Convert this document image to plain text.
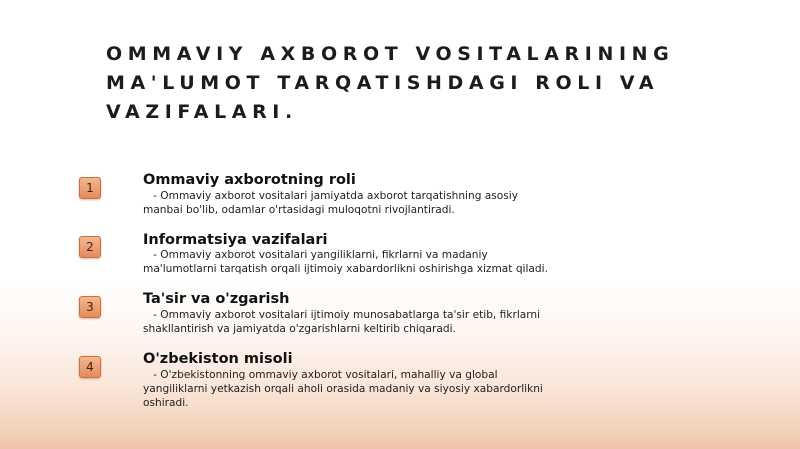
OMMAVIY AXBOROT VOSITALARINING MA'LUMOT TARQATISHDAGI ROLI VA VAZIFALARI.
1	Ommaviy axborotning roli
- Ommaviy axborot vositalari jamiyatda axborot tarqatishning asosiy manbai bo'lib, odamlar o'rtasidagi muloqotni rivojlantiradi.
2	Informatsiya vazifalari
- Ommaviy axborot vositalari yangiliklarni, fikrlarni va madaniy ma'lumotlarni tarqatish orqali ijtimoiy xabardorlikni oshirishga xizmat qiladi.
3	Ta'sir va o'zgarish
- Ommaviy axborot vositalari ijtimoiy munosabatlarga ta'sir etib, fikrlarni shakllantirish va jamiyatda o'zgarishlarni keltirib chiqaradi.
4	O'zbekiston misoli
- O'zbekistonning ommaviy axborot vositalari, mahalliy va global yangiliklarni yetkazish orqali aholi orasida madaniy va siyosiy xabardorlikni oshiradi.
